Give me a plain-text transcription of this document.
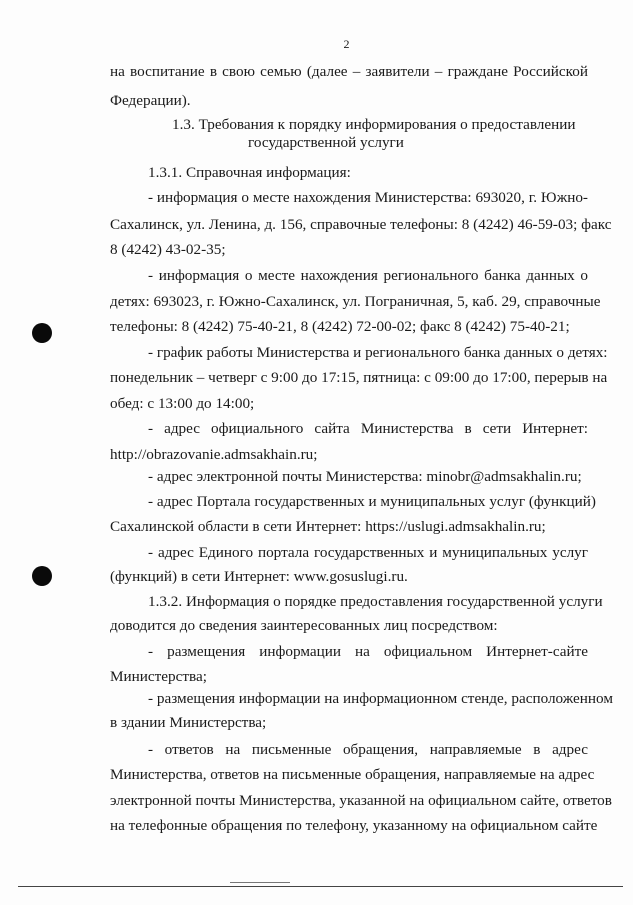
2
на воспитание в свою семью (далее – заявители – граждане Российской
Федерации).
1.3. Требования к порядку информирования о предоставлении
государственной услуги
1.3.1. Справочная информация:
- информация о месте нахождения Министерства: 693020, г. Южно-
Сахалинск, ул. Ленина, д. 156, справочные телефоны: 8 (4242) 46-59-03; факс
8 (4242) 43-02-35;
- информация о месте нахождения регионального банка данных о
детях: 693023, г. Южно-Сахалинск, ул. Пограничная, 5, каб. 29, справочные
телефоны: 8 (4242) 75-40-21, 8 (4242) 72-00-02; факс 8 (4242) 75-40-21;
- график работы Министерства и регионального банка данных о детях:
понедельник – четверг с 9:00 до 17:15, пятница: с 09:00 до 17:00, перерыв на
обед: с 13:00 до 14:00;
- адрес официального сайта Министерства в сети Интернет:
http://obrazovanie.admsakhain.ru;
- адрес электронной почты Министерства: minobr@admsakhalin.ru;
- адрес Портала государственных и муниципальных услуг (функций)
Сахалинской области в сети Интернет: https://uslugi.admsakhalin.ru;
- адрес Единого портала государственных и муниципальных услуг
(функций) в сети Интернет: www.gosuslugi.ru.
1.3.2. Информация о порядке предоставления государственной услуги
доводится до сведения заинтересованных лиц посредством:
- размещения информации на официальном Интернет-сайте
Министерства;
- размещения информации на информационном стенде, расположенном
в здании Министерства;
- ответов на письменные обращения, направляемые в адрес
Министерства, ответов на письменные обращения, направляемые на адрес
электронной почты Министерства, указанной на официальном сайте, ответов
на телефонные обращения по телефону, указанному на официальном сайте
